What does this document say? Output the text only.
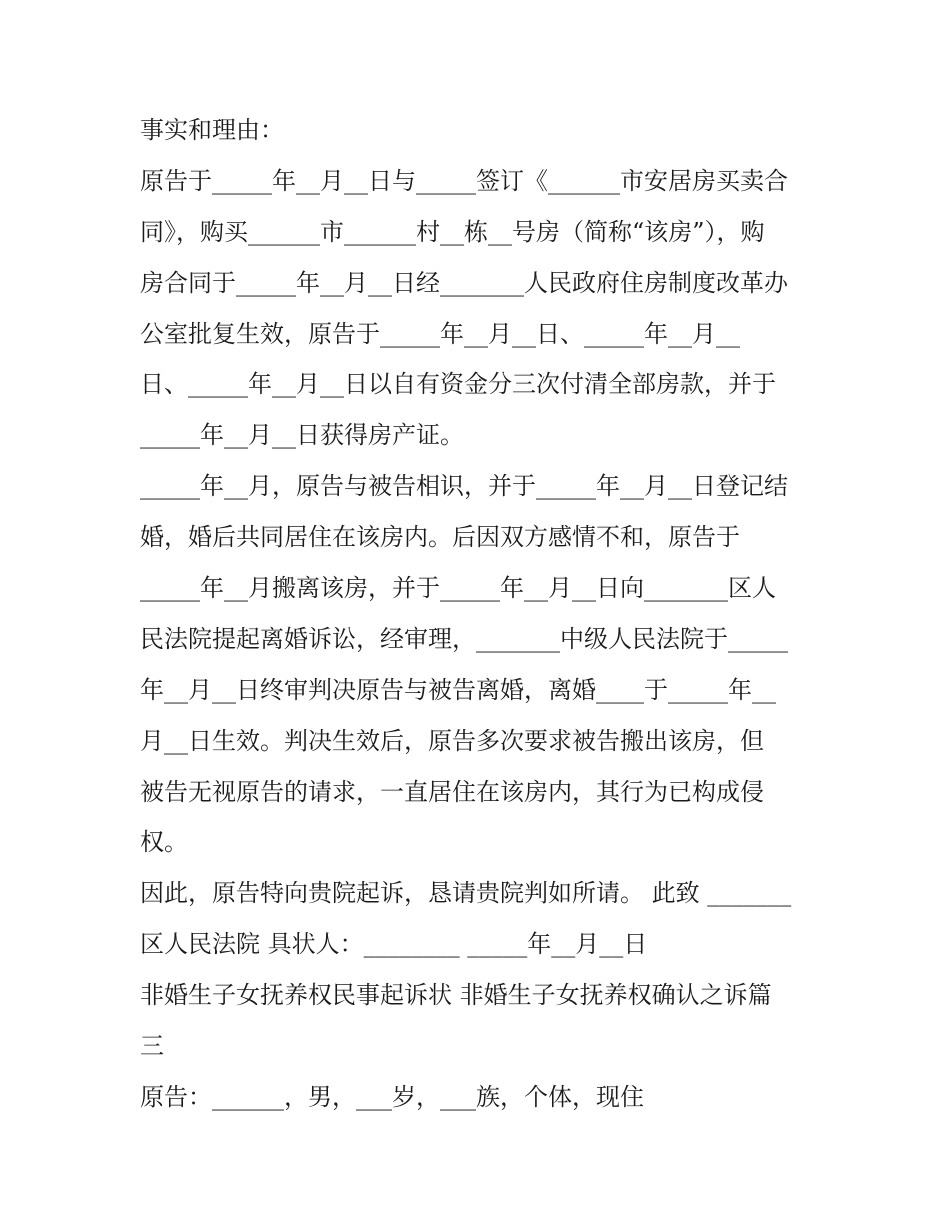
事实和理由：
原告于_____年__月__日与_____签订《______市安居房买卖合
同》，购买______市______村__栋__号房（简称“该房”），购
房合同于_____年__月__日经_______人民政府住房制度改革办
公室批复生效，原告于_____年__月__日、_____年__月__
日、_____年__月__日以自有资金分三次付清全部房款，并于
_____年__月__日获得房产证。
_____年__月，原告与被告相识，并于_____年__月__日登记结
婚，婚后共同居住在该房内。后因双方感情不和，原告于
_____年__月搬离该房，并于_____年__月__日向_______区人
民法院提起离婚诉讼，经审理，_______中级人民法院于_____
年__月__日终审判决原告与被告离婚，离婚____于_____年__
月__日生效。判决生效后，原告多次要求被告搬出该房，但
被告无视原告的请求，一直居住在该房内，其行为已构成侵
权。
因此，原告特向贵院起诉，恳请贵院判如所请。 此致 _______
区人民法院 具状人：________ _____年__月__日
非婚生子女抚养权民事起诉状 非婚生子女抚养权确认之诉篇
三
原告：______，男，___岁，___族，个体，现住
